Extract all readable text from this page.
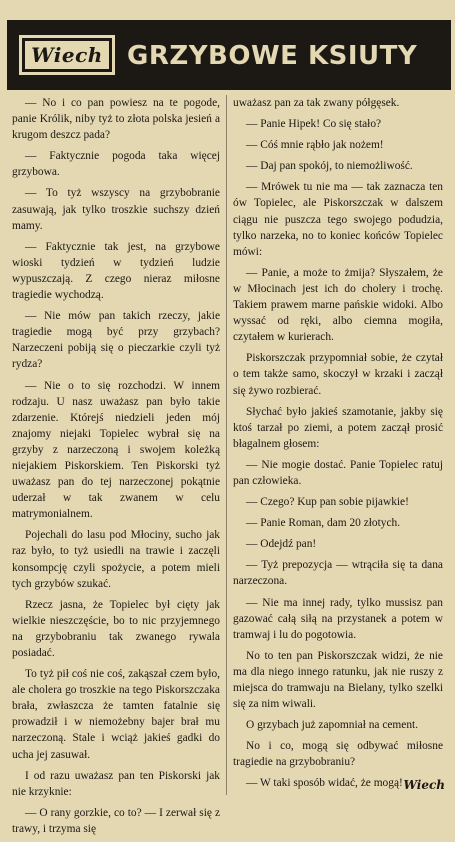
Wiech GRZYBOWE KSIUTY

— No i co pan powiesz na te pogode, panie Królik, niby tyż to złota polska jesień a krugom deszcz pada?

— Faktycznie pogoda taka więcej grzybowa.

— To tyż wszyscy na grzybobranie zasuwają, jak tylko troszkie suchszy dzień mamy.

— Faktycznie tak jest, na grzybowe wioski tydzień w tydzień ludzie wypuszczają. Z czego nieraz miłosne tragiedie wychodzą.

— Nie mów pan takich rzeczy, jakie tragiedie mogą być przy grzybach? Narzeczeni pobiją się o pieczarkie czyli tyż rydza?

— Nie o to się rozchodzi. W innem rodzaju. U nasz uważasz pan było takie zdarzenie. Którejś niedzieli jeden mój znajomy niejaki Topielec wybrał się na grzyby z narzeczoną i swojem koleżką niejakiem Piskorskiem. Ten Piskorski tyż uważasz pan do tej narzeczonej pokątnie uderzał w tak zwanem w celu matrymonialnem.

Pojechali do lasu pod Młociny, sucho jak raz było, to tyż usiedli na trawie i zaczęli konsompcję czyli spożycie, a potem mieli tych grzybów szukać.

Rzecz jasna, że Topielec był cięty jak wielkie nieszczęście, bo to nic przyjemnego na grzybobraniu tak zwanego rywala posiadać.

To tyż pił coś nie coś, zakąszał czem było, ale cholera go troszkie na tego Piskorszczaka brała, zwłaszcza że tamten fatalnie się prowadził i w niemożebny bajer brał mu narzeczoną. Stale i wciąż jakieś gadki do ucha jej zasuwał.

I od razu uważasz pan ten Piskorski jak nie krzyknie:

— O rany gorzkie, co to? — I zerwał się z trawy, i trzyma się

uważasz pan za tak zwany półgęsek.

— Panie Hipek! Co się stało?

— Cóś mnie rąbło jak nożem!

— Daj pan spokój, to niemożliwość.

— Mrówek tu nie ma — tak zaznacza ten ów Topielec, ale Piskorszczak w dalszem ciągu nie puszcza tego swojego podudzia, tylko narzeka, no to koniec końców Topielec mówi:

— Panie, a może to żmija? Słyszałem, że w Młocinach jest ich do cholery i trochę. Takiem prawem marne pańskie widoki. Albo wyssać od ręki, albo ciemna mogiła, czytałem w kurierach.

Piskorszczak przypomniał sobie, że czytał o tem także samo, skoczył w krzaki i zaczął się żywo rozbierać.

Słychać było jakieś szamotanie, jakby się ktoś tarzał po ziemi, a potem zaczął prosić błagalnem głosem:

— Nie mogie dostać. Panie Topielec ratuj pan człowieka.

— Czego? Kup pan sobie pijawkie!

— Panie Roman, dam 20 złotych.

— Odejdź pan!

— Tyż prepozycja — wtrąciła się ta dana narzeczona.

— Nie ma innej rady, tylko mussisz pan gazować całą siłą na przystanek a potem w tramwaj i lu do pogotowia.

No to ten pan Piskorszczak widzi, że nie ma dla niego innego ratunku, jak nie ruszy z miejsca do tramwaju na Bielany, tylko szelki się za nim wiwali.

O grzybach już zapomniał na cement.

No i co, mogą się odbywać miłosne tragiedie na grzybobraniu?

— W taki sposób widać, że mogą! Wiech
